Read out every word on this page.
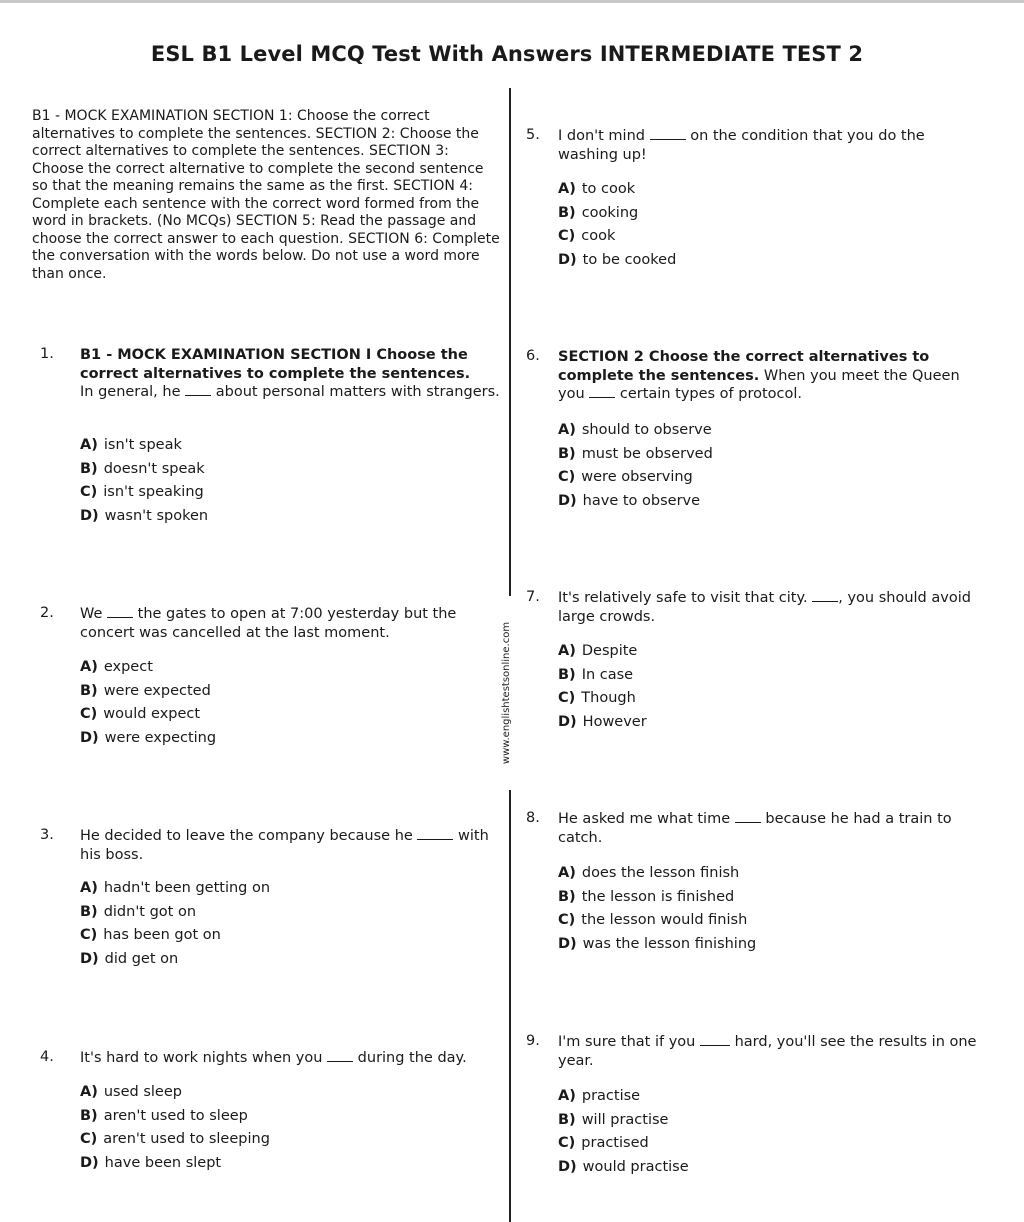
ESL B1 Level MCQ Test With Answers INTERMEDIATE TEST 2
www.englishtestsonline.com

B1 - MOCK EXAMINATION SECTION 1: Choose the correct alternatives to complete the sentences. SECTION 2: Choose the correct alternatives to complete the sentences. SECTION 3: Choose the correct alternative to complete the second sentence so that the meaning remains the same as the first. SECTION 4: Complete each sentence with the correct word formed from the word in brackets. (No MCQs) SECTION 5: Read the passage and choose the correct answer to each question. SECTION 6: Complete the conversation with the words below. Do not use a word more than once.

1. B1 - MOCK EXAMINATION SECTION I Choose the correct alternatives to complete the sentences.
In general, he about personal matters with strangers.
A) isn't speak
B) doesn't speak
C) isn't speaking
D) wasn't spoken
2. We the gates to open at 7:00 yesterday but the concert was cancelled at the last moment.
A) expect
B) were expected
C) would expect
D) were expecting
3. He decided to leave the company because he	with his boss.
A) hadn't been getting on
B) didn't got on
C) has been got on
D) did get on
4. It's hard to work nights when you during the day.
A) used sleep
B) aren't used to sleep
C) aren't used to sleeping
D) have been slept
5. I don't mind	on the condition that you do the washing up!
A) to cook
B) cooking
C) cook
D) to be cooked
6. SECTION 2 Choose the correct alternatives to complete the sentences. When you meet the Queen you certain types of protocol.
A) should to observe
B) must be observed
C) were observing
D) have to observe
7. It's relatively safe to visit that city. , you should avoid large crowds.
A) Despite
B) In case
C) Though
D) However
8. He asked me what time because he had a train to catch.
A) does the lesson finish
B) the lesson is finished
C) the lesson would finish
D) was the lesson finishing
9. I'm sure that if you	hard, you'll see the results in one year.
A) practise
B) will practise
C) practised
D) would practise
